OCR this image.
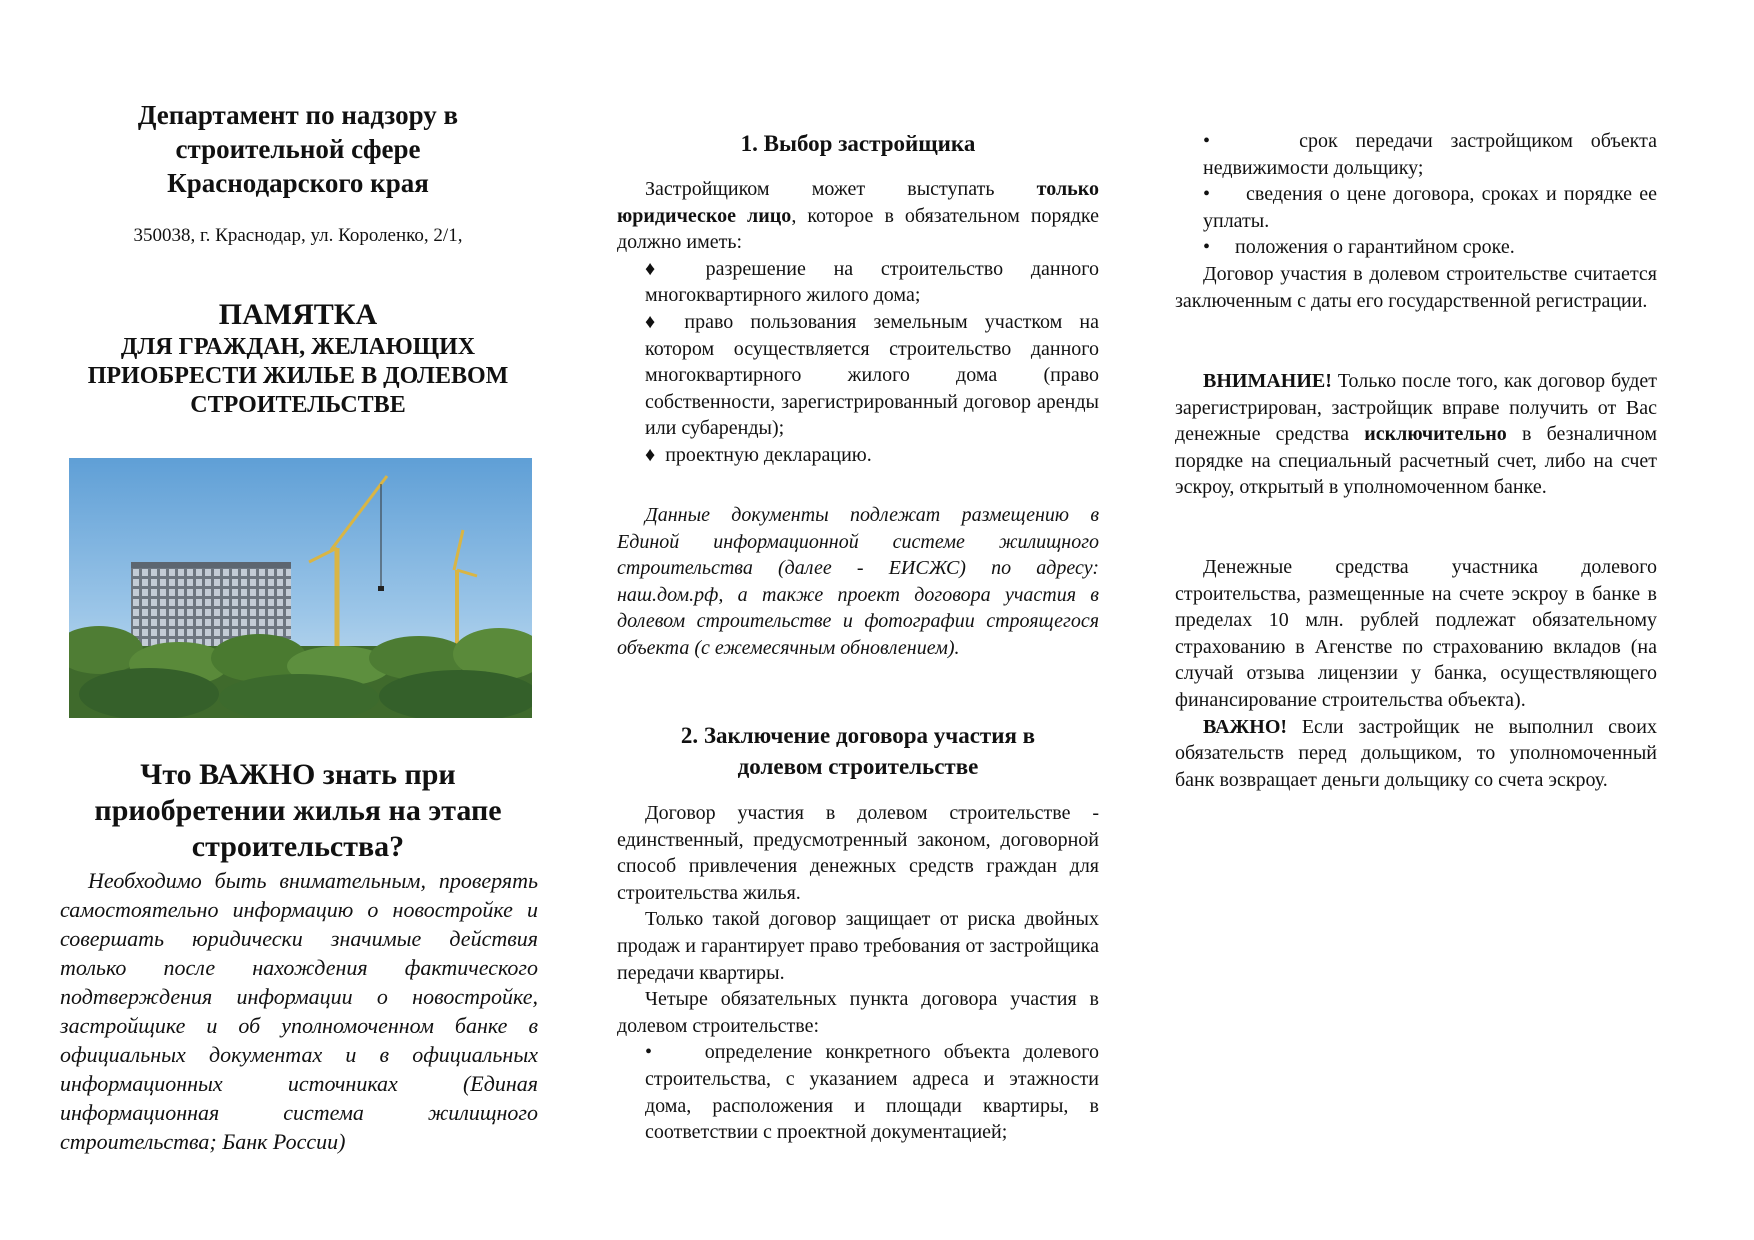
Департамент по надзору в
строительной сфере
Краснодарского края
350038, г. Краснодар, ул. Короленко, 2/1,
ПАМЯТКА
ДЛЯ ГРАЖДАН, ЖЕЛАЮЩИХ
ПРИОБРЕСТИ ЖИЛЬЕ В ДОЛЕВОМ
СТРОИТЕЛЬСТВЕ
Что ВАЖНО знать при
приобретении жилья на этапе
строительства?

Необходимо быть внимательным, проверять самостоятельно информацию о новостройке и совершать юридически значимые действия только после нахождения фактического подтверждения информации о новостройке, застройщике и об уполномоченном банке в официальных документах и в официальных информационных источниках (Единая информационная система жилищного строительства; Банк России)

1. Выбор застройщика

Застройщиком может выступать только юридическое лицо, которое в обязательном порядке должно иметь:

♦ разрешение на строительство данного многоквартирного жилого дома;

♦ право пользования земельным участком на котором осуществляется строительство данного многоквартирного жилого дома (право собственности, зарегистрированный договор аренды или субаренды);

♦  проектную декларацию.

Данные документы подлежат размещению в Единой информационной системе жилищного строительства (далее - ЕИСЖС) по адресу: наш.дом.рф, а также проект договора участия в долевом строительстве и фотографии строящегося объекта (с ежемесячным обновлением).

2. Заключение договора участия в
долевом строительстве

Договор участия в долевом строительстве - единственный, предусмотренный законом, договорной способ привлечения денежных средств граждан для строительства жилья.

Только такой договор защищает от риска двойных продаж и гарантирует право требования от застройщика передачи квартиры.

Четыре обязательных пункта договора участия в долевом строительстве:

•    определение конкретного объекта долевого строительства, с указанием адреса и этажности дома, расположения и площади квартиры, в соответствии с проектной документацией;

•     срок передачи застройщиком объекта недвижимости дольщику;

•     сведения о цене договора, сроках и порядке ее уплаты.

•     положения о гарантийном сроке.

Договор участия в долевом строительстве считается заключенным с даты его государственной регистрации.

ВНИМАНИЕ! Только после того, как договор будет зарегистрирован, застройщик вправе получить от Вас денежные средства исключительно в безналичном порядке на специальный расчетный счет, либо на счет эскроу, открытый в уполномоченном банке.

Денежные средства участника долевого строительства, размещенные на счете эскроу в банке в пределах 10 млн. рублей подлежат обязательному страхованию в Агенстве по страхованию вкладов (на случай отзыва лицензии у банка, осуществляющего финансирование строительства объекта).

ВАЖНО! Если застройщик не выполнил своих обязательств перед дольщиком, то уполномоченный банк возвращает деньги дольщику со счета эскроу.
